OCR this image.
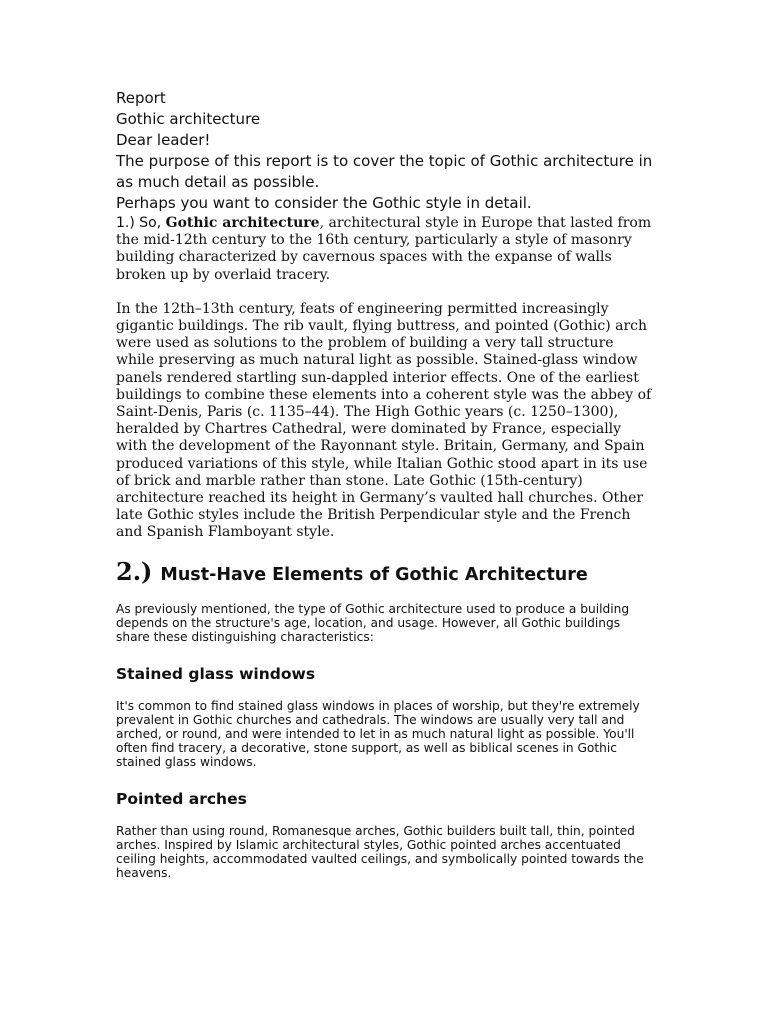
Report

Gothic architecture

Dear leader!

The purpose of this report is to cover the topic of Gothic architecture in as much detail as possible.

Perhaps you want to consider the Gothic style in detail.

1.) So, Gothic architecture, architectural style in Europe that lasted from the mid-12th century to the 16th century, particularly a style of masonry building characterized by cavernous spaces with the expanse of walls broken up by overlaid tracery.

In the 12th–13th century, feats of engineering permitted increasingly gigantic buildings. The rib vault, flying buttress, and pointed (Gothic) arch were used as solutions to the problem of building a very tall structure while preserving as much natural light as possible. Stained-glass window panels rendered startling sun-dappled interior effects. One of the earliest buildings to combine these elements into a coherent style was the abbey of Saint-Denis, Paris (c. 1135–44). The High Gothic years (c. 1250–1300), heralded by Chartres Cathedral, were dominated by France, especially with the development of the Rayonnant style. Britain, Germany, and Spain produced variations of this style, while Italian Gothic stood apart in its use of brick and marble rather than stone. Late Gothic (15th-century) architecture reached its height in Germany’s vaulted hall churches. Other late Gothic styles include the British Perpendicular style and the French and Spanish Flamboyant style.

2.) Must-Have Elements of Gothic Architecture

As previously mentioned, the type of Gothic architecture used to produce a building depends on the structure's age, location, and usage. However, all Gothic buildings share these distinguishing characteristics:

Stained glass windows

It's common to find stained glass windows in places of worship, but they're extremely prevalent in Gothic churches and cathedrals. The windows are usually very tall and arched, or round, and were intended to let in as much natural light as possible. You'll often find tracery, a decorative, stone support, as well as biblical scenes in Gothic stained glass windows.

Pointed arches

Rather than using round, Romanesque arches, Gothic builders built tall, thin, pointed arches. Inspired by Islamic architectural styles, Gothic pointed arches accentuated ceiling heights, accommodated vaulted ceilings, and symbolically pointed towards the heavens.
